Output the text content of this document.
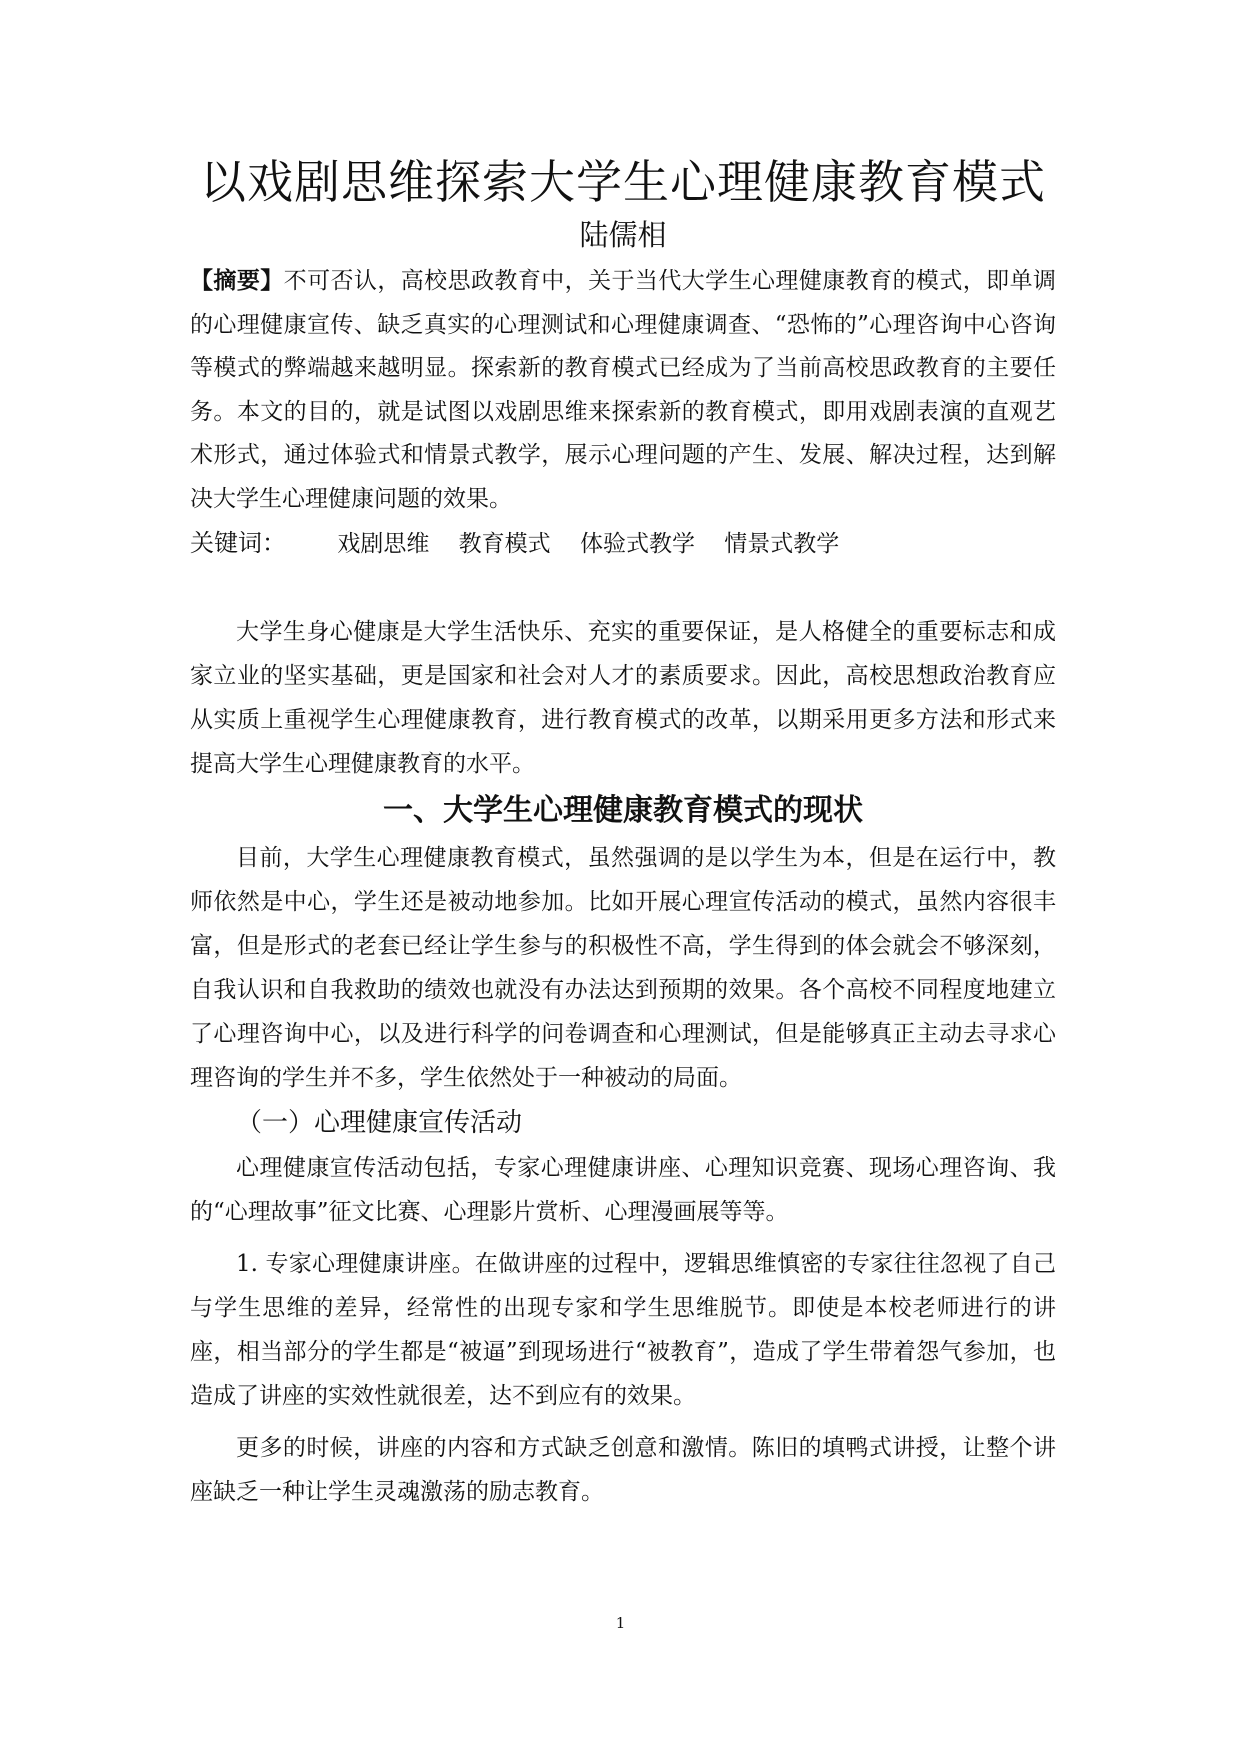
以戏剧思维探索大学生心理健康教育模式
陆儒相

【摘要】不可否认，高校思政教育中，关于当代大学生心理健康教育的模式，即单调的心理健康宣传、缺乏真实的心理测试和心理健康调查、“恐怖的”心理咨询中心咨询等模式的弊端越来越明显。探索新的教育模式已经成为了当前高校思政教育的主要任务。本文的目的，就是试图以戏剧思维来探索新的教育模式，即用戏剧表演的直观艺术形式，通过体验式和情景式教学，展示心理问题的产生、发展、解决过程，达到解决大学生心理健康问题的效果。

关键词： 戏剧思维 教育模式 体验式教学 情景式教学

大学生身心健康是大学生活快乐、充实的重要保证，是人格健全的重要标志和成家立业的坚实基础，更是国家和社会对人才的素质要求。因此，高校思想政治教育应从实质上重视学生心理健康教育，进行教育模式的改革，以期采用更多方法和形式来提高大学生心理健康教育的水平。

一、大学生心理健康教育模式的现状

目前，大学生心理健康教育模式，虽然强调的是以学生为本，但是在运行中，教师依然是中心，学生还是被动地参加。比如开展心理宣传活动的模式，虽然内容很丰富，但是形式的老套已经让学生参与的积极性不高，学生得到的体会就会不够深刻，自我认识和自我救助的绩效也就没有办法达到预期的效果。各个高校不同程度地建立了心理咨询中心，以及进行科学的问卷调查和心理测试，但是能够真正主动去寻求心理咨询的学生并不多，学生依然处于一种被动的局面。

（一）心理健康宣传活动

心理健康宣传活动包括，专家心理健康讲座、心理知识竞赛、现场心理咨询、我的“心理故事”征文比赛、心理影片赏析、心理漫画展等等。

1. 专家心理健康讲座。在做讲座的过程中，逻辑思维慎密的专家往往忽视了自己与学生思维的差异，经常性的出现专家和学生思维脱节。即使是本校老师进行的讲座，相当部分的学生都是“被逼”到现场进行“被教育”，造成了学生带着怨气参加，也造成了讲座的实效性就很差，达不到应有的效果。

更多的时候，讲座的内容和方式缺乏创意和激情。陈旧的填鸭式讲授，让整个讲座缺乏一种让学生灵魂激荡的励志教育。

1
